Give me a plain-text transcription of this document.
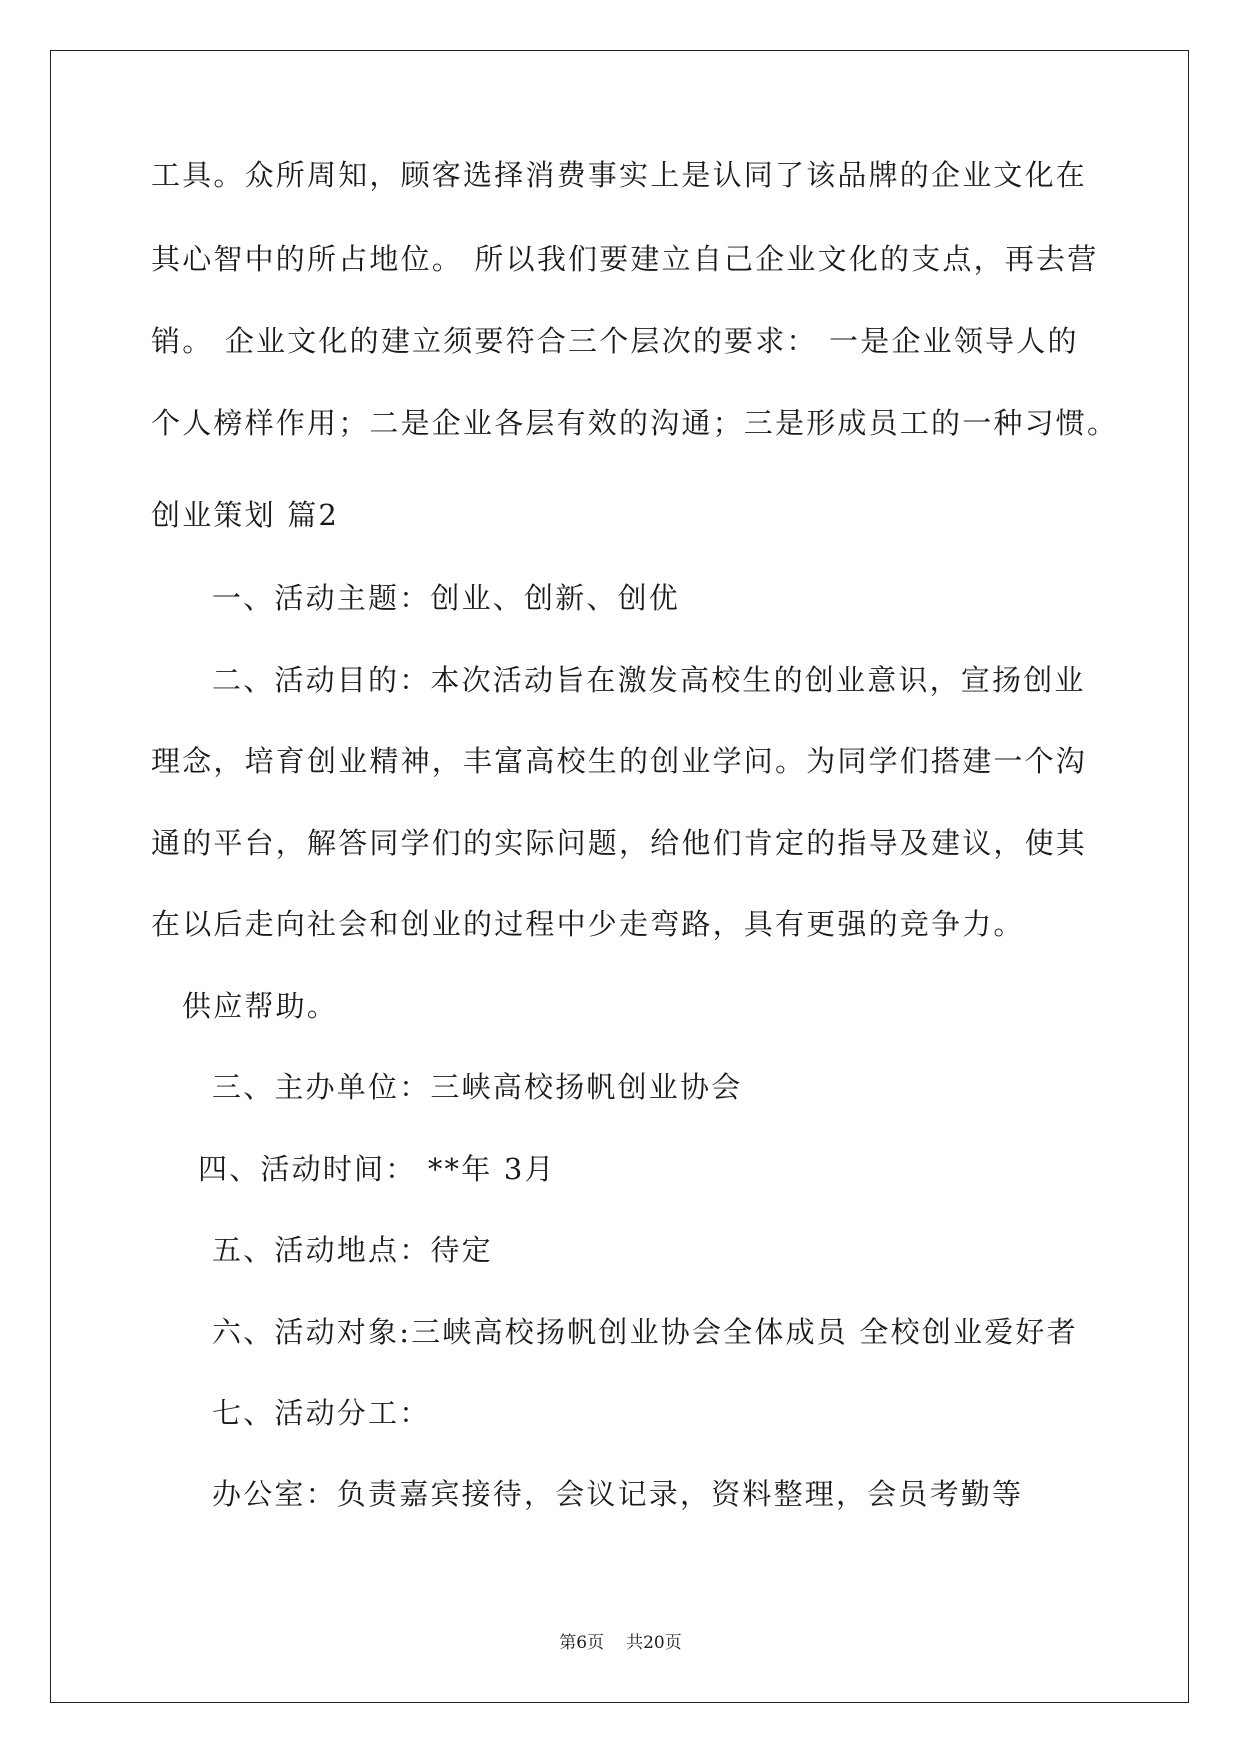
工具。众所周知，顾客选择消费事实上是认同了该品牌的企业文化在
其心智中的所占地位。 所以我们要建立自己企业文化的支点，再去营
销。 企业文化的建立须要符合三个层次的要求： 一是企业领导人的
个人榜样作用；二是企业各层有效的沟通；三是形成员工的一种习惯。
创业策划 篇2
一、活动主题：创业、创新、创优
二、活动目的：本次活动旨在激发高校生的创业意识，宣扬创业
理念，培育创业精神，丰富高校生的创业学问。为同学们搭建一个沟
通的平台，解答同学们的实际问题，给他们肯定的指导及建议，使其
在以后走向社会和创业的过程中少走弯路，具有更强的竞争力。
供应帮助。
三、主办单位：三峡高校扬帆创业协会
四、活动时间： **年 3月
五、活动地点：待定
六、活动对象:三峡高校扬帆创业协会全体成员 全校创业爱好者
七、活动分工：
办公室：负责嘉宾接待，会议记录，资料整理，会员考勤等
第6页 共20页
